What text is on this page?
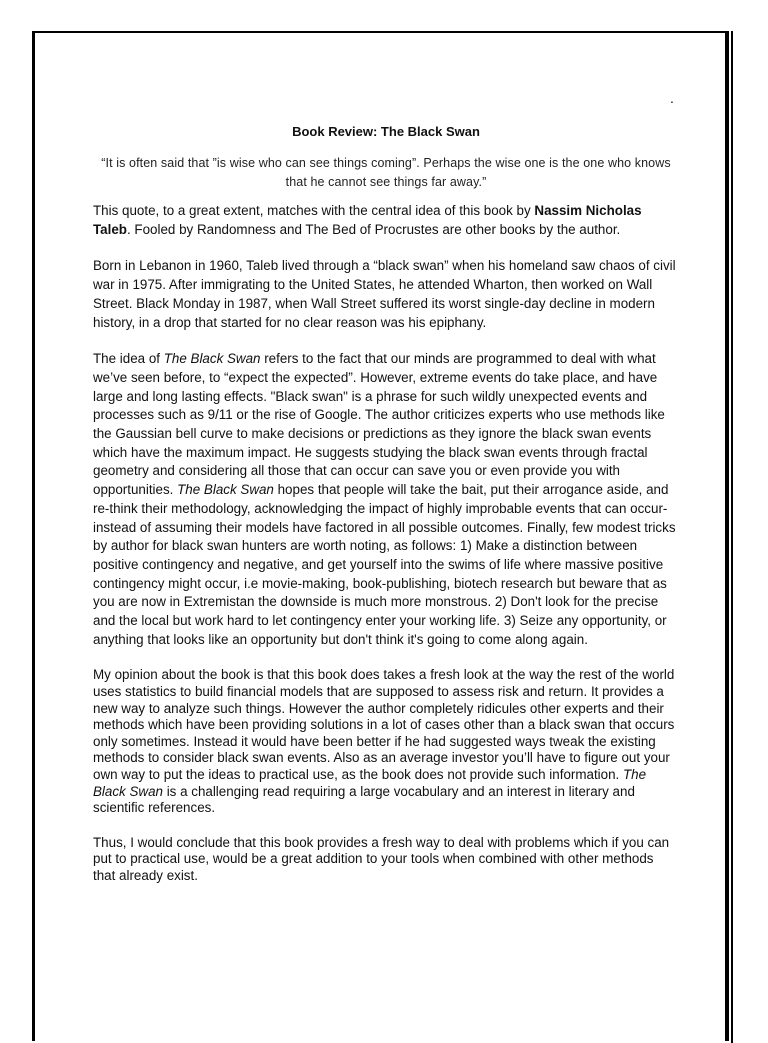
.
Book Review: The Black Swan
“It is often said that ”is wise who can see things coming”. Perhaps the wise one is the one who knows that he cannot see things far away.”

This quote, to a great extent, matches with the central idea of this book by Nassim Nicholas Taleb. Fooled by Randomness and The Bed of Procrustes are other books by the author.

Born in Lebanon in 1960, Taleb lived through a “black swan” when his homeland saw chaos of civil war in 1975. After immigrating to the United States, he attended Wharton, then worked on Wall Street. Black Monday in 1987, when Wall Street suffered its worst single-day decline in modern history, in a drop that started for no clear reason was his epiphany.

The idea of The Black Swan refers to the fact that our minds are programmed to deal with what we’ve seen before, to “expect the expected”. However, extreme events do take place, and have large and long lasting effects. "Black swan" is a phrase for such wildly unexpected events and processes such as 9/11 or the rise of Google. The author criticizes experts who use methods like the Gaussian bell curve to make decisions or predictions as they ignore the black swan events which have the maximum impact. He suggests studying the black swan events through fractal geometry and considering all those that can occur can save you or even provide you with opportunities. The Black Swan hopes that people will take the bait, put their arrogance aside, and re-think their methodology, acknowledging the impact of highly improbable events that can occur- instead of assuming their models have factored in all possible outcomes. Finally, few modest tricks by author for black swan hunters are worth noting, as follows: 1) Make a distinction between positive contingency and negative, and get yourself into the swims of life where massive positive contingency might occur, i.e movie-making, book-publishing, biotech research but beware that as you are now in Extremistan the downside is much more monstrous. 2) Don't look for the precise and the local but work hard to let contingency enter your working life. 3) Seize any opportunity, or anything that looks like an opportunity but don't think it's going to come along again.

My opinion about the book is that this book does takes a fresh look at the way the rest of the world uses statistics to build financial models that are supposed to assess risk and return. It provides a new way to analyze such things. However the author completely ridicules other experts and their methods which have been providing solutions in a lot of cases other than a black swan that occurs only sometimes. Instead it would have been better if he had suggested ways tweak the existing methods to consider black swan events. Also as an average investor you’ll have to figure out your own way to put the ideas to practical use, as the book does not provide such information. The Black Swan is a challenging read requiring a large vocabulary and an interest in literary and scientific references.

Thus, I would conclude that this book provides a fresh way to deal with problems which if you can put to practical use, would be a great addition to your tools when combined with other methods that already exist.
